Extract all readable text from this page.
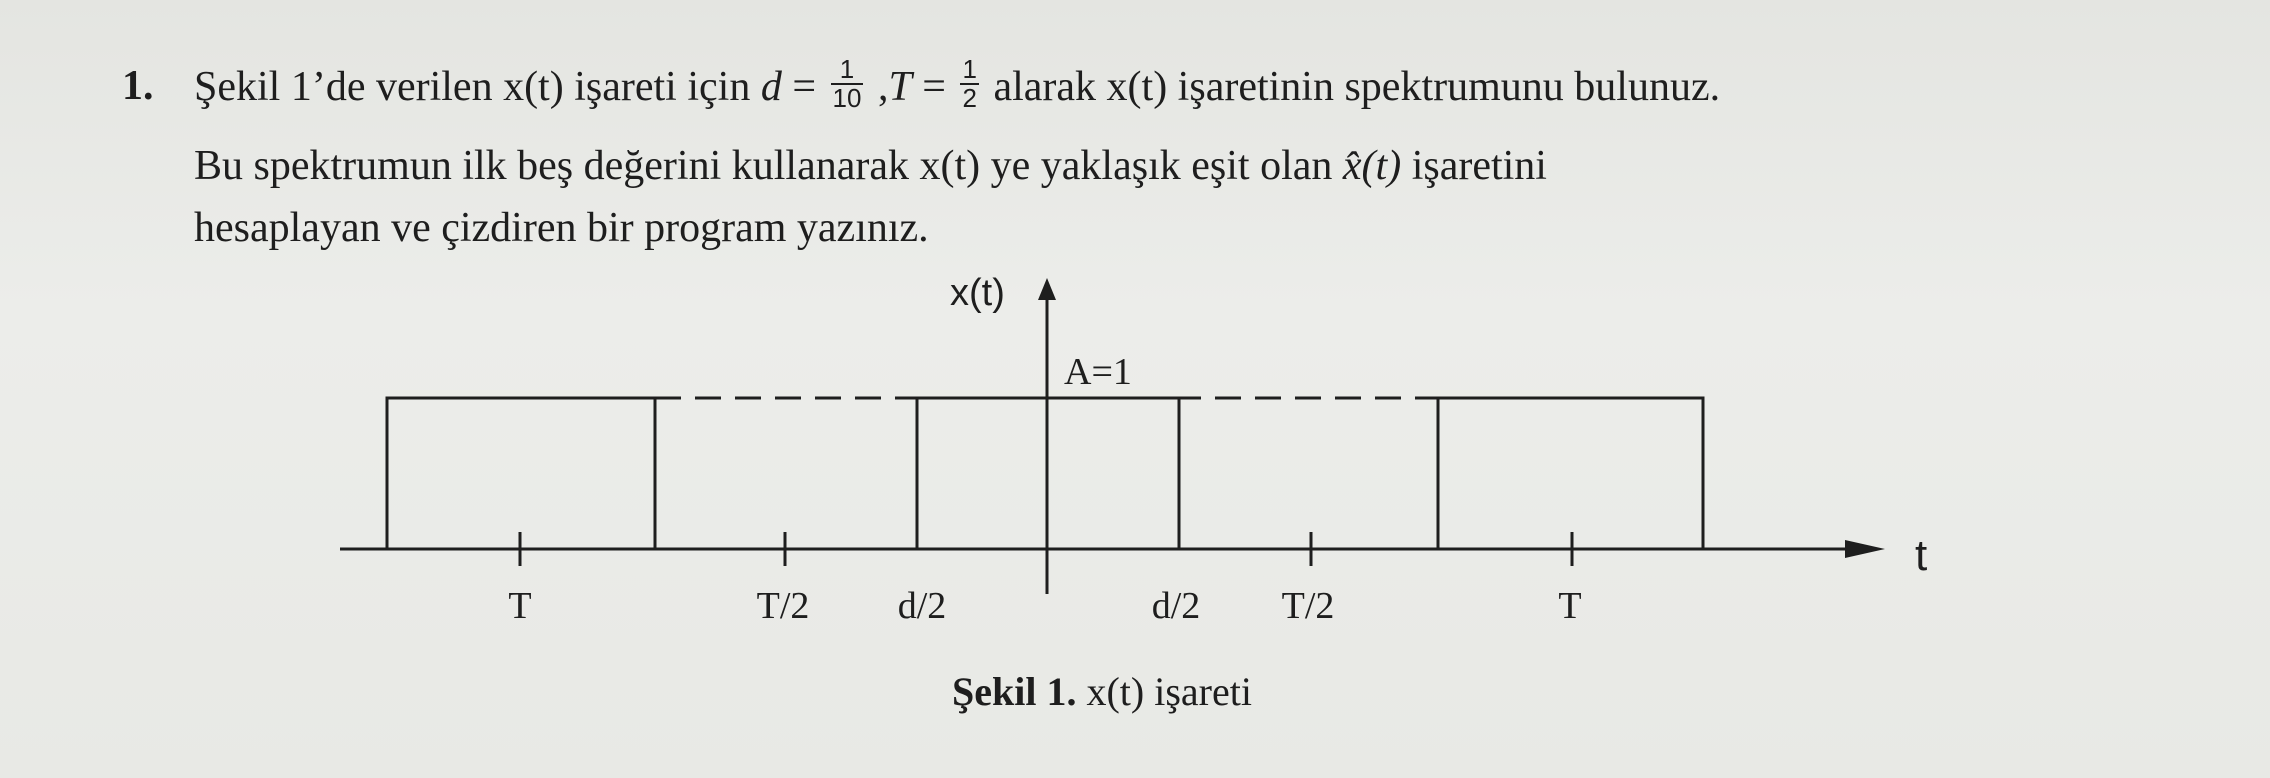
1. Şekil 1’de verilen x(t) işareti için $d = \frac{1}{10} ,T = \frac{1}{2}$ alarak x(t) işaretinin spektrumunu bulunuz.
Bu spektrumun ilk beş değerini kullanarak x(t) ye yaklaşık eşit olan x̂(t) işaretini
hesaplayan ve çizdiren bir program yazınız.
x(t)
t
A=1
T	T/2 d/2	d/2 T/2	T
Şekil 1. x(t) işareti
